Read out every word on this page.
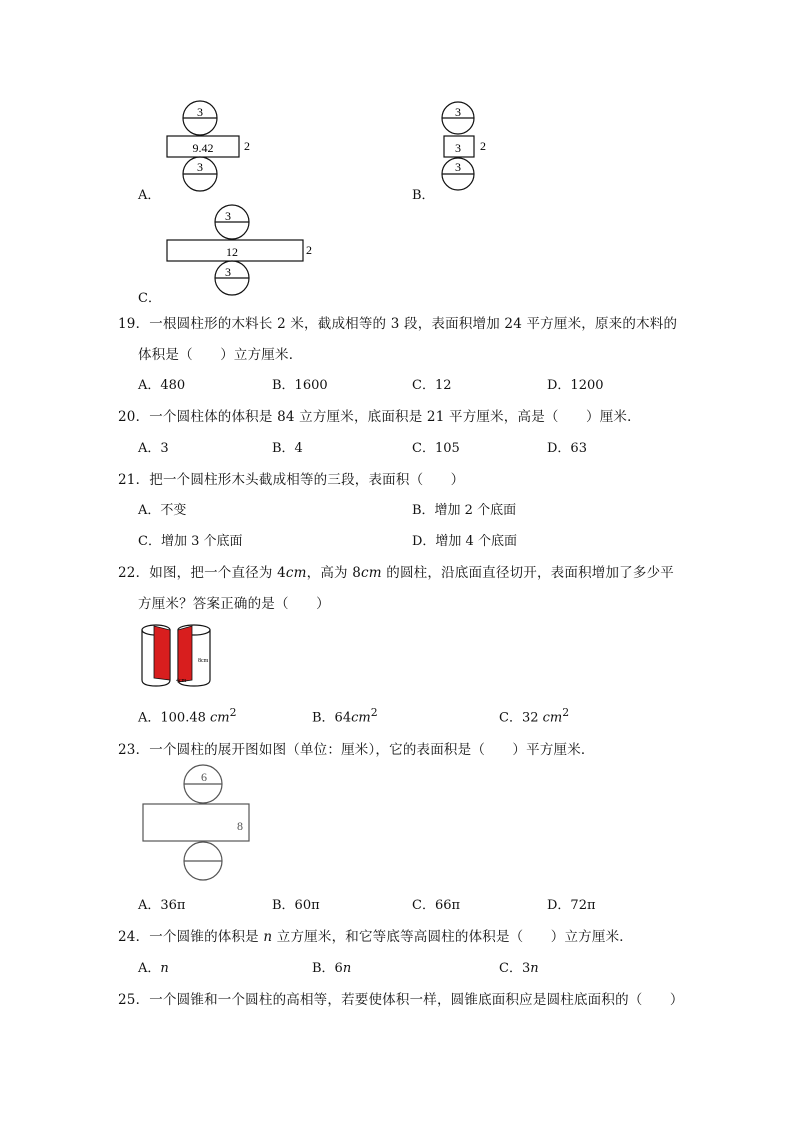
3
9.42	2
3
A．
3
3 2
3
B．
3
12	2
3
C．
19．一根圆柱形的木料长 2 米，截成相等的 3 段，表面积增加 24 平方厘米，原来的木料的
体积是（　　）立方厘米．
A．480	B．1600	C．12	D．1200
20．一个圆柱体的体积是 84 立方厘米，底面积是 21 平方厘米，高是（　　）厘米．
A．3	B．4	C．105	D．63
21．把一个圆柱形木头截成相等的三段，表面积（　　）
A．不变	B．增加 2 个底面
C．增加 3 个底面	D．增加 4 个底面
22．如图，把一个直径为 4cm，高为 8cm 的圆柱，沿底面直径切开，表面积增加了多少平
方厘米？答案正确的是（　　）
8cm
4cm
A．100.48 $cm^2$	B．$64cm^2$	C．32 $cm^2$
23．一个圆柱的展开图如图（单位：厘米），它的表面积是（　　）平方厘米．
6
8
A．36π	B．60π	C．66π	D．72π
24．一个圆锥的体积是 n 立方厘米，和它等底等高圆柱的体积是（　　）立方厘米．
A．n	B．6n	C．3n
25．一个圆锥和一个圆柱的高相等，若要使体积一样，圆锥底面积应是圆柱底面积的（　　）
